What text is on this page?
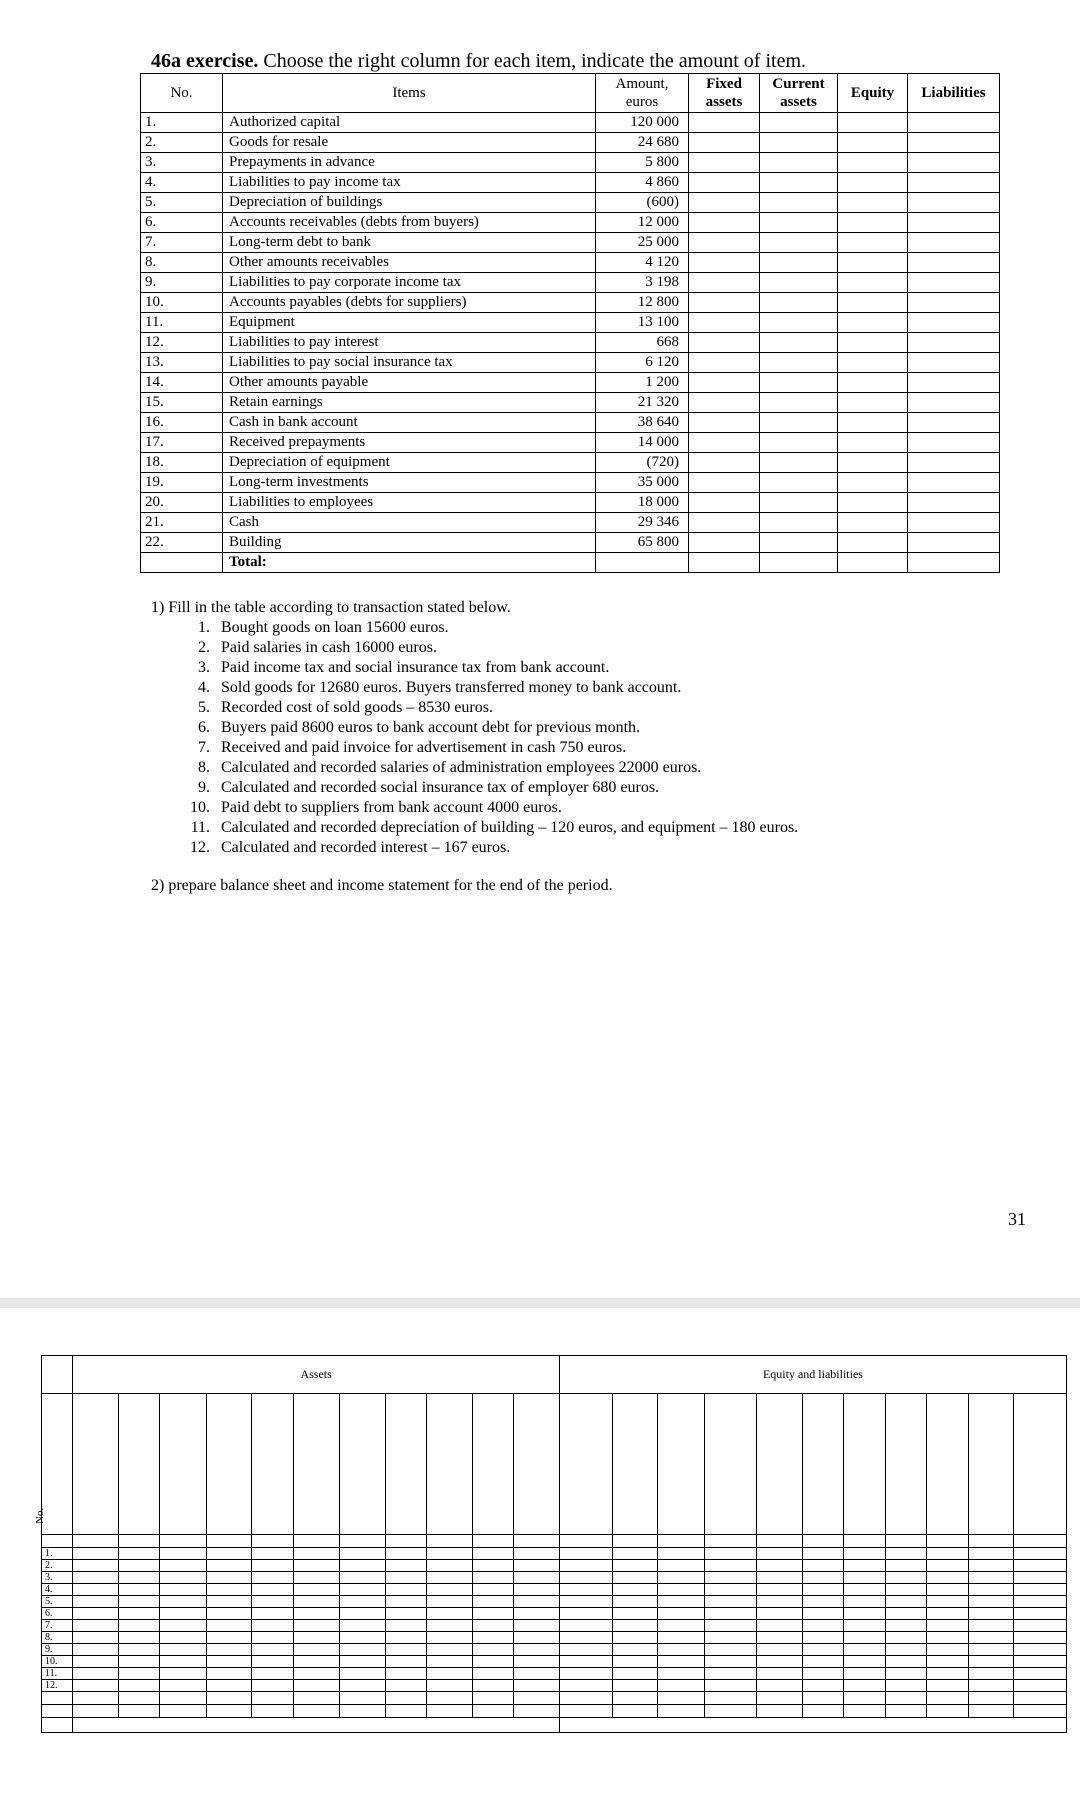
46a exercise. Choose the right column for each item, indicate the amount of item.
No.	Items	Amount, euros	Fixed assets	Current assets	Equity	Liabilities
1.	Authorized capital	120 000				
2.	Goods for resale	24 680				
3.	Prepayments in advance	5 800				
4.	Liabilities to pay income tax	4 860				
5.	Depreciation of buildings	(600)				
6.	Accounts receivables (debts from buyers)	12 000				
7.	Long-term debt to bank	25 000				
8.	Other amounts receivables	4 120				
9.	Liabilities to pay corporate income tax	3 198				
10.	Accounts payables (debts for suppliers)	12 800				
11.	Equipment	13 100				
12.	Liabilities to pay interest	668				
13.	Liabilities to pay social insurance tax	6 120				
14.	Other amounts payable	1 200				
15.	Retain earnings	21 320				
16.	Cash in bank account	38 640				
17.	Received prepayments	14 000				
18.	Depreciation of equipment	(720)				
19.	Long-term investments	35 000				
20.	Liabilities to employees	18 000				
21.	Cash	29 346				
22.	Building	65 800				
	Total:					

1) Fill in the table according to transaction stated below.

1. Bought goods on loan 15600 euros.
2. Paid salaries in cash 16000 euros.
3. Paid income tax and social insurance tax from bank account.
4. Sold goods for 12680 euros. Buyers transferred money to bank account.
5. Recorded cost of sold goods – 8530 euros.
6. Buyers paid 8600 euros to bank account debt for previous month.
7. Received and paid invoice for advertisement in cash 750 euros.
8. Calculated and recorded salaries of administration employees 22000 euros.
9. Calculated and recorded social insurance tax of employer 680 euros.
10. Paid debt to suppliers from bank account 4000 euros.
11. Calculated and recorded depreciation of building – 120 euros, and equipment – 180 euros.
12. Calculated and recorded interest – 167 euros.

2) prepare balance sheet and income statement for the end of the period.

31
	Assets											Equity and liabilities										

No.																						

1.																						
2.																						
3.																						
4.																						
5.																						
6.																						
7.																						
8.																						
9.																						
10.																						
11.																						
12.																						
